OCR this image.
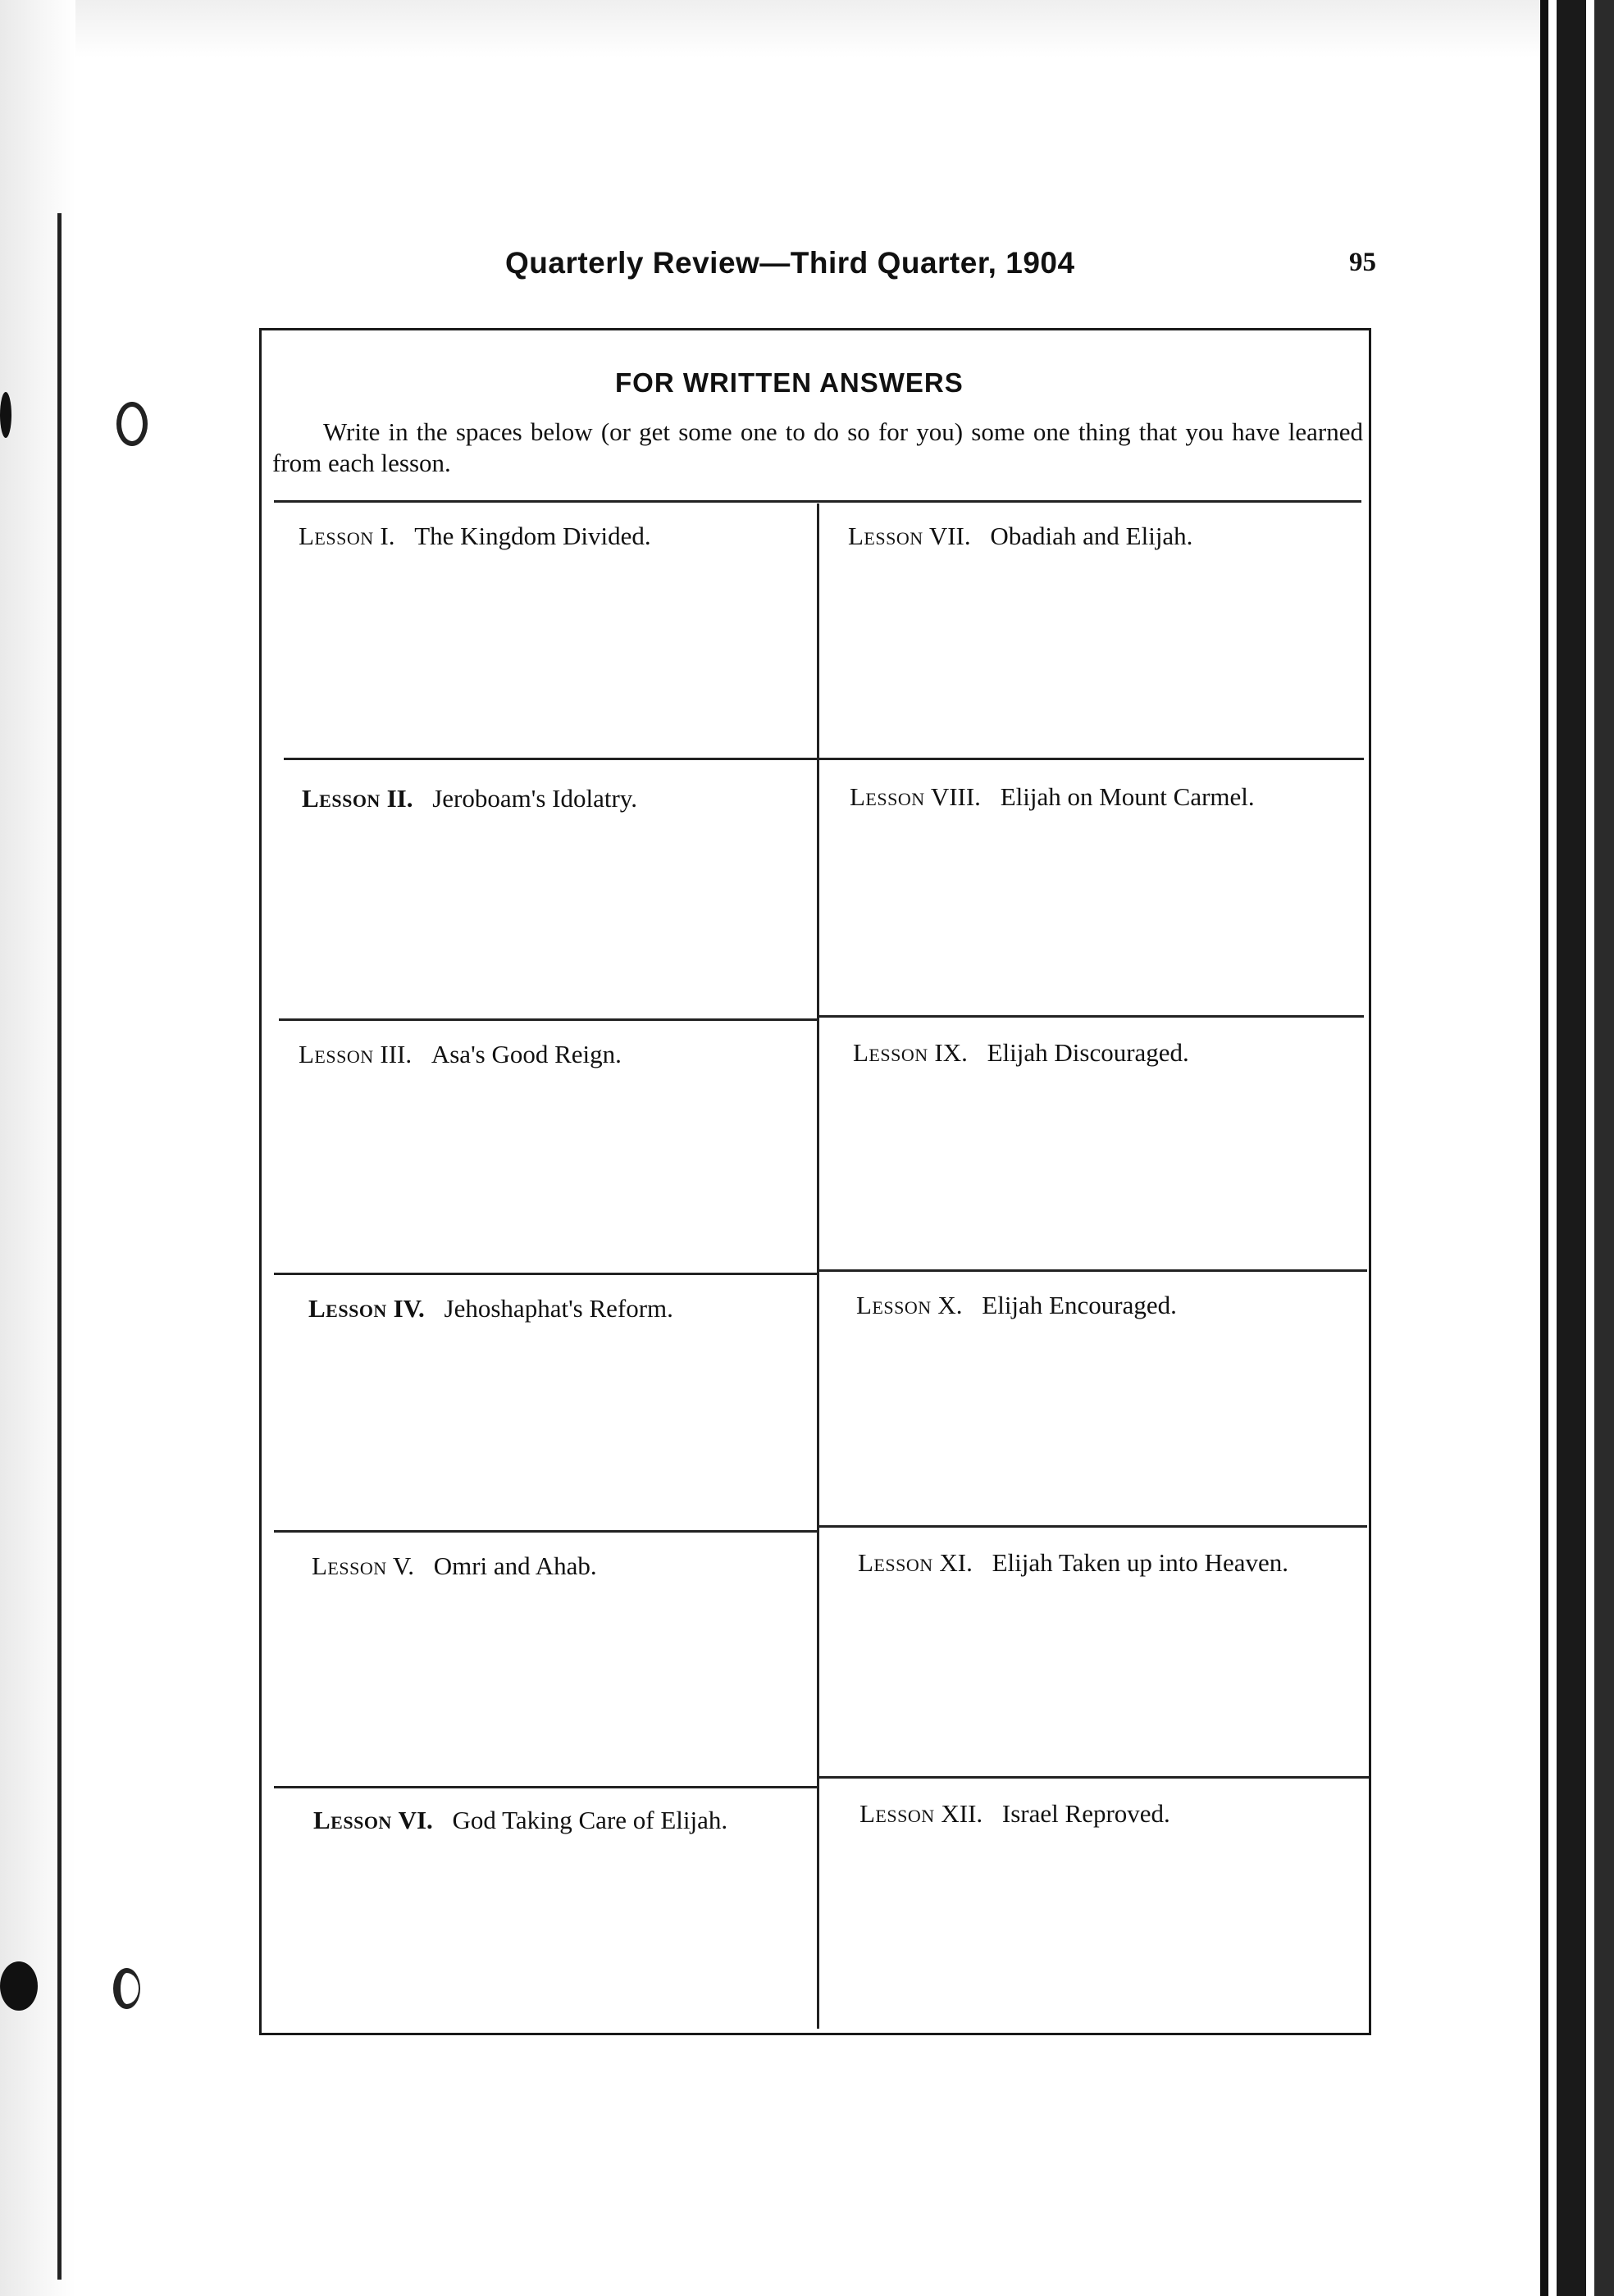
Quarterly Review—Third Quarter, 1904	95
FOR WRITTEN ANSWERS
Write in the spaces below (or get some one to do so for you) some one thing that you have learned from each lesson.
Lesson I. The Kingdom Divided.
Lesson II. Jeroboam's Idolatry.
Lesson III. Asa's Good Reign.
Lesson IV. Jehoshaphat's Reform.
Lesson V. Omri and Ahab.
Lesson VI. God Taking Care of Elijah.
Lesson VII. Obadiah and Elijah.
Lesson VIII. Elijah on Mount Carmel.
Lesson IX. Elijah Discouraged.
Lesson X. Elijah Encouraged.
Lesson XI. Elijah Taken up into Heaven.
Lesson XII. Israel Reproved.
